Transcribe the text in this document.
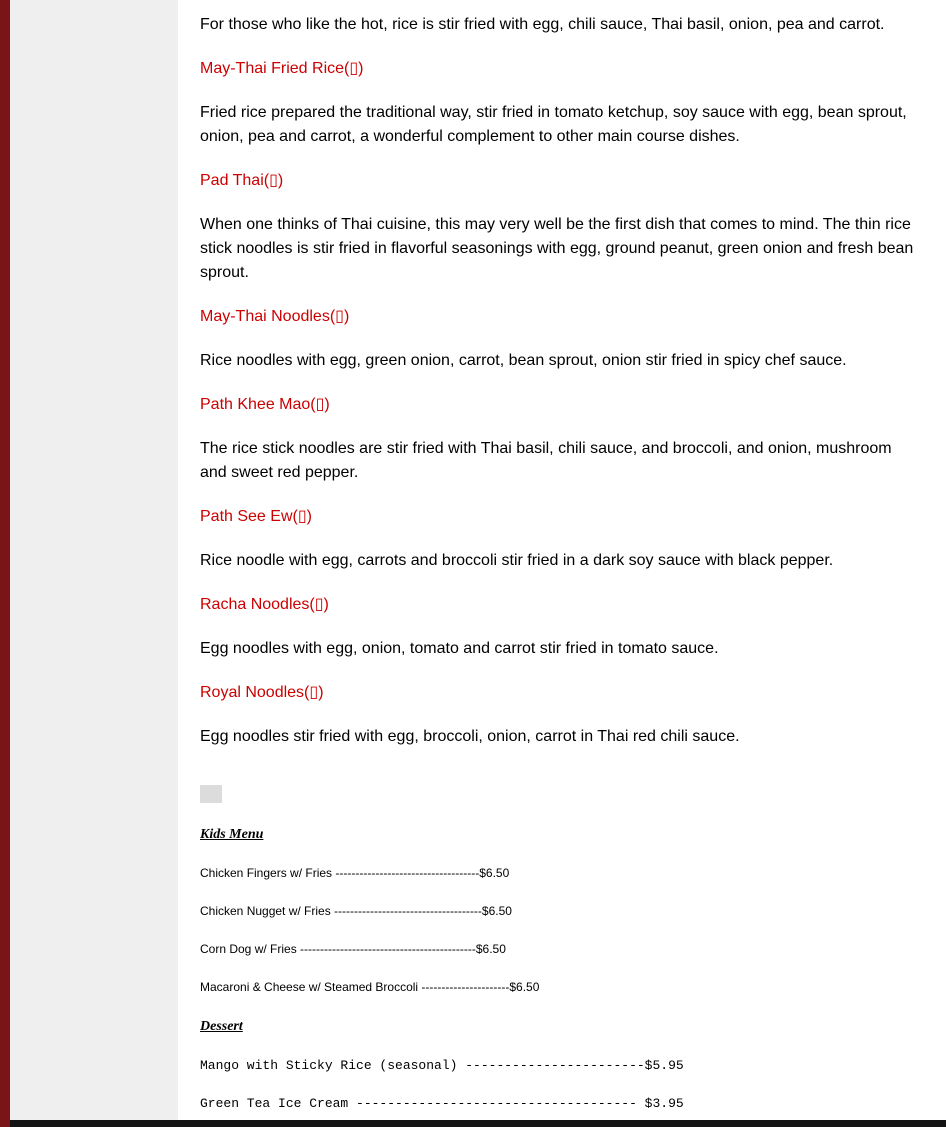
For those who like the hot, rice is stir fried with egg, chili sauce, Thai basil, onion, pea and carrot.

May-Thai Fried Rice(▯)

Fried rice prepared the traditional way, stir fried in tomato ketchup, soy sauce with egg, bean sprout, onion, pea and carrot, a wonderful complement to other main course dishes.

Pad Thai(▯)

When one thinks of Thai cuisine, this may very well be the first dish that comes to mind. The thin rice stick noodles is stir fried in flavorful seasonings with egg, ground peanut, green onion and fresh bean sprout.

May-Thai Noodles(▯)

Rice noodles with egg, green onion, carrot, bean sprout, onion stir fried in spicy chef sauce.

Path Khee Mao(▯)

The rice stick noodles are stir fried with Thai basil, chili sauce, and broccoli, and onion, mushroom and sweet red pepper.

Path See Ew(▯)

Rice noodle with egg, carrots and broccoli stir fried in a dark soy sauce with black pepper.

Racha Noodles(▯)

Egg noodles with egg, onion, tomato and carrot stir fried in tomato sauce.

Royal Noodles(▯)

Egg noodles stir fried with egg, broccoli, onion, carrot in Thai red chili sauce.

Kids Menu

Chicken Fingers w/ Fries ------------------------------------$6.50

Chicken Nugget w/ Fries -------------------------------------$6.50

Corn Dog w/ Fries --------------------------------------------$6.50

Macaroni & Cheese w/ Steamed Broccoli ----------------------$6.50

Dessert

Mango with Sticky Rice (seasonal) -----------------------$5.95

Green Tea Ice Cream ------------------------------------ $3.95
